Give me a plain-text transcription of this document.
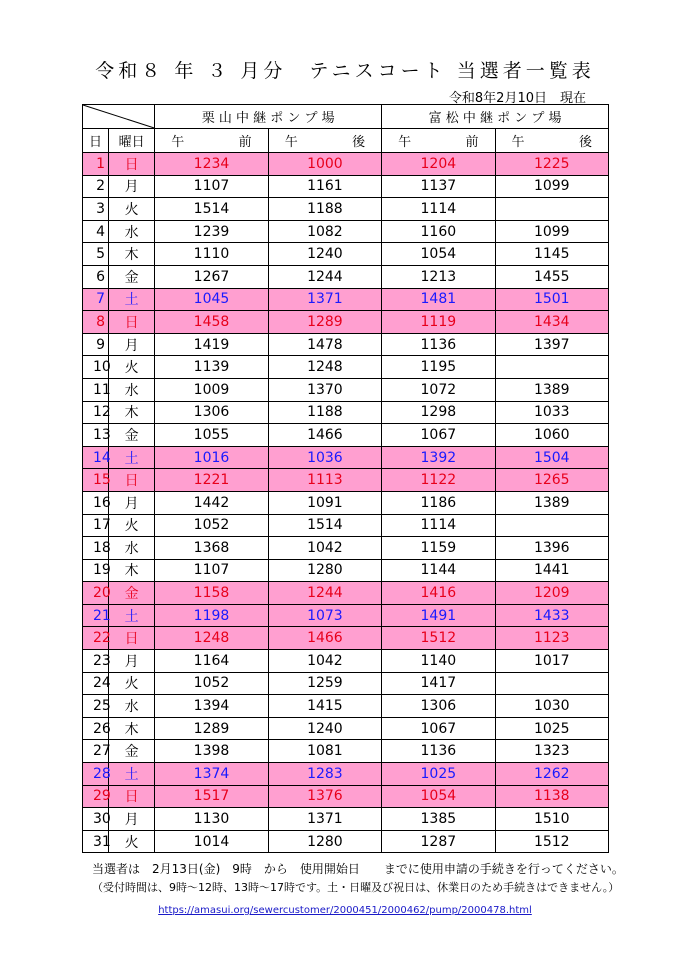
令和８ 年 ３ 月分　テニスコート 当選者一覧表
令和8年2月10日　現在
	栗 山 中 継 ポ ン プ 場		富 松 中 継 ポ ン プ 場	
日	曜日	午 前	午 後	午 前	午 後

1	日	1234	1000	1204	1225
2	月	1107	1161	1137	1099
3	火	1514	1188	1114	
4	水	1239	1082	1160	1099
5	木	1110	1240	1054	1145
6	金	1267	1244	1213	1455
7	土	1045	1371	1481	1501
8	日	1458	1289	1119	1434
9	月	1419	1478	1136	1397
10	火	1139	1248	1195	
11	水	1009	1370	1072	1389
12	木	1306	1188	1298	1033
13	金	1055	1466	1067	1060
14	土	1016	1036	1392	1504
15	日	1221	1113	1122	1265
16	月	1442	1091	1186	1389
17	火	1052	1514	1114	
18	水	1368	1042	1159	1396
19	木	1107	1280	1144	1441
20	金	1158	1244	1416	1209
21	土	1198	1073	1491	1433
22	日	1248	1466	1512	1123
23	月	1164	1042	1140	1017
24	火	1052	1259	1417	
25	水	1394	1415	1306	1030
26	木	1289	1240	1067	1025
27	金	1398	1081	1136	1323
28	土	1374	1283	1025	1262
29	日	1517	1376	1054	1138
30	月	1130	1371	1385	1510
31	火	1014	1280	1287	1512
当選者は　2月13日(金)　9時　から　使用開始日　　までに使用申請の手続きを行ってください。
（受付時間は、9時～12時、13時～17時です。土・日曜及び祝日は、休業日のため手続きはできません。）
https://amasui.org/sewercustomer/2000451/2000462/pump/2000478.html
